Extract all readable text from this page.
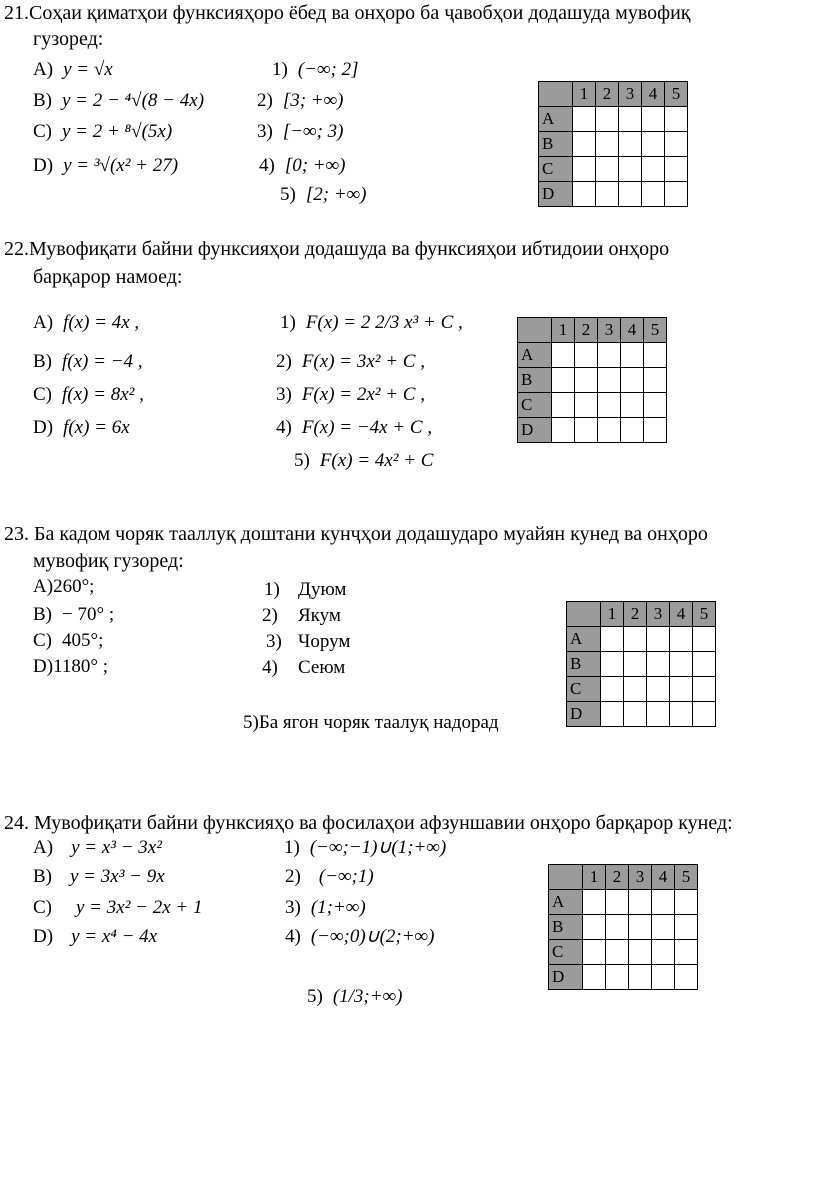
21.Соҳаи қиматҳои функсияҳоро ёбед ва онҳоро ба ҷавобҳои додашуда мувофиқ
гузоред:
A) y = √x
B) y = 2 − ⁴√(8 − 4x)
C) y = 2 + ⁸√(5x)
D) y = ³√(x² + 27)
1) (−∞; 2]
2) [3; +∞)
3) [−∞; 3)
4) [0; +∞)
5) [2; +∞)
	1	2	3	4	5
A					
B					
C					
D					
22.Мувофиқати байни функсияҳои додашуда ва функсияҳои ибтидоии онҳоро
барқарор намоед:
A) f(x) = 4x ,
B) f(x) = −4 ,
C) f(x) = 8x² ,
D) f(x) = 6x
1) F(x) = 2 2/3 x³ + C ,
2) F(x) = 3x² + C ,
3) F(x) = 2x² + C ,
4) F(x) = −4x + C ,
5) F(x) = 4x² + C
	1	2	3	4	5
A					
B					
C					
D					
23. Ба кадом чоряк тааллуқ доштани кунҷҳои додашударо муайян кунед ва онҳоро
мувофиқ гузоред:
A)260°;
B) − 70° ;
C) 405°;
D)1180° ;
1) Дуюм
2) Якум
3) Чорум
4) Сеюм
5)Ба ягон чоряк таалуқ надорад
	1	2	3	4	5
A					
B					
C					
D					
24. Мувофиқати байни функсияҳо ва фосилаҳои афзуншавии онҳоро барқарор кунед:
A) y = x³ − 3x²
B) y = 3x³ − 9x
C) y = 3x² − 2x + 1
D) y = x⁴ − 4x
1) (−∞;−1)∪(1;+∞)
2) (−∞;1)
3) (1;+∞)
4) (−∞;0)∪(2;+∞)
5) (1/3;+∞)
	1	2	3	4	5
A					
B					
C					
D					
